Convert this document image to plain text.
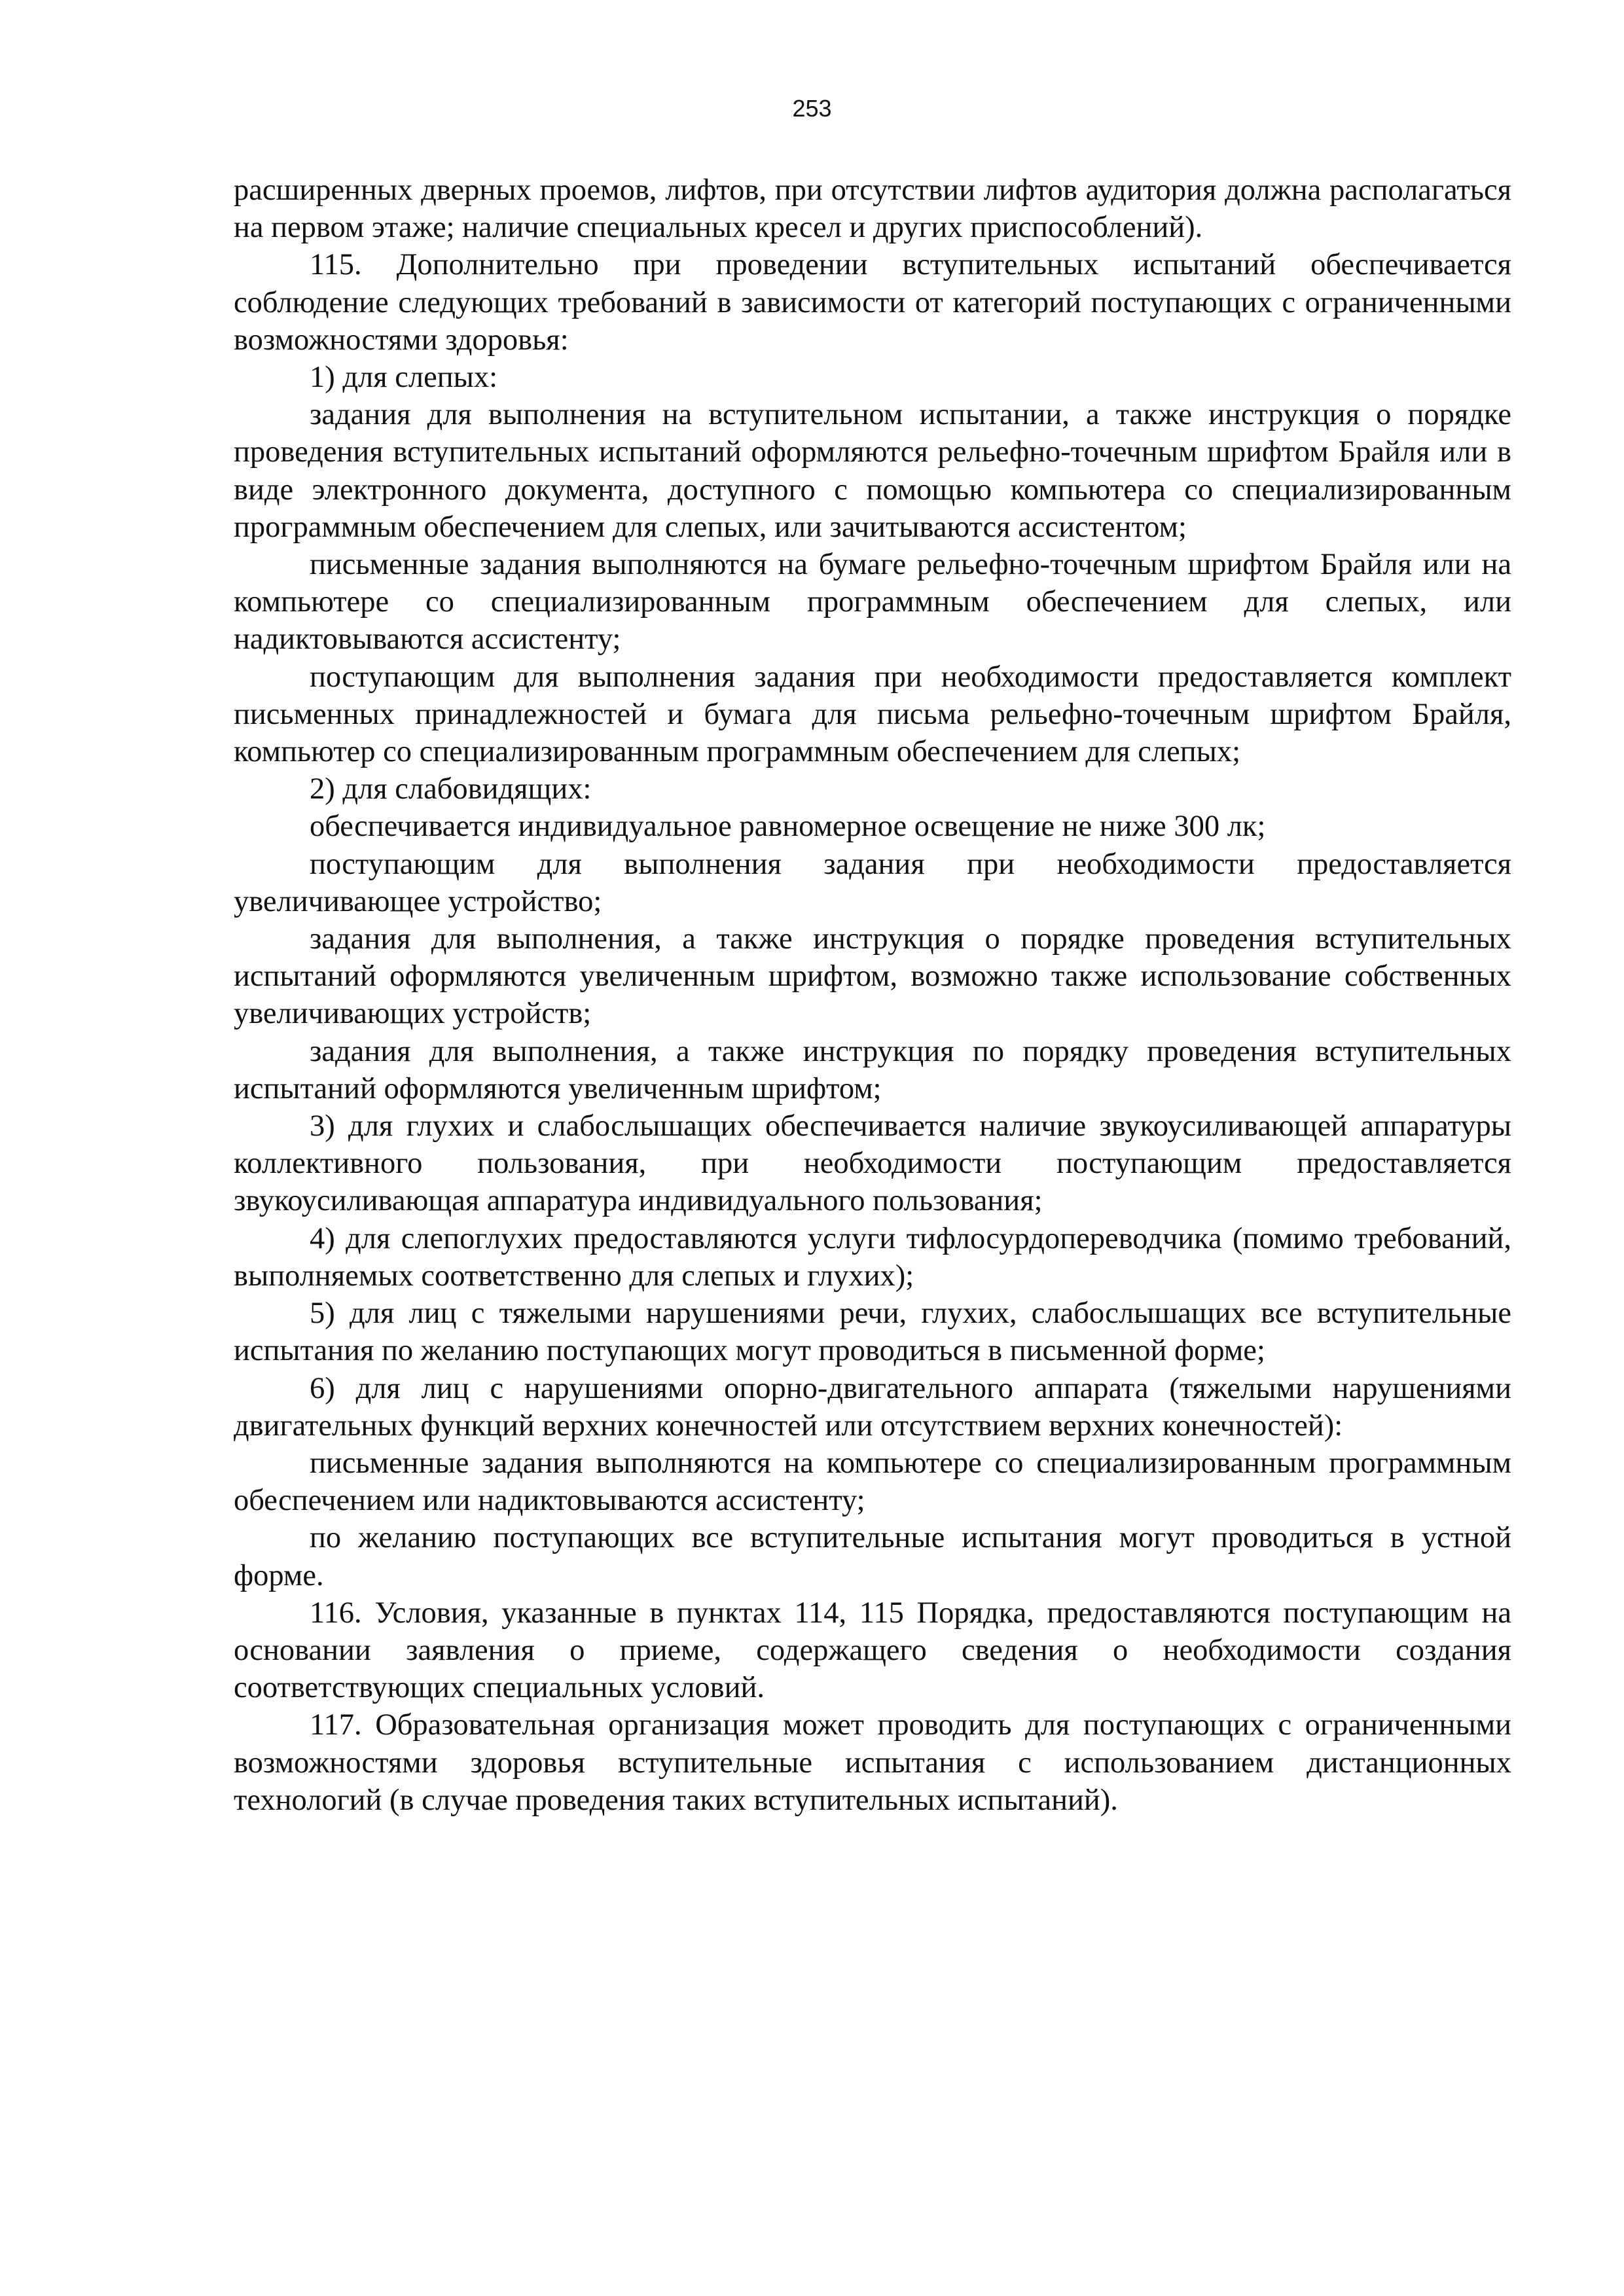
253

расширенных дверных проемов, лифтов, при отсутствии лифтов аудитория должна располагаться на первом этаже; наличие специальных кресел и других приспособлений).

115. Дополнительно при проведении вступительных испытаний обеспечивается соблюдение следующих требований в зависимости от категорий поступающих с ограниченными возможностями здоровья:

1) для слепых:

задания для выполнения на вступительном испытании, а также инструкция о порядке проведения вступительных испытаний оформляются рельефно-точечным шрифтом Брайля или в виде электронного документа, доступного с помощью компьютера со специализированным программным обеспечением для слепых, или зачитываются ассистентом;

письменные задания выполняются на бумаге рельефно-точечным шрифтом Брайля или на компьютере со специализированным программным обеспечением для слепых, или надиктовываются ассистенту;

поступающим для выполнения задания при необходимости предоставляется комплект письменных принадлежностей и бумага для письма рельефно-точечным шрифтом Брайля, компьютер со специализированным программным обеспечением для слепых;

2) для слабовидящих:

обеспечивается индивидуальное равномерное освещение не ниже 300 лк;

поступающим для выполнения задания при необходимости предоставляется увеличивающее устройство;

задания для выполнения, а также инструкция о порядке проведения вступительных испытаний оформляются увеличенным шрифтом, возможно также использование собственных увеличивающих устройств;

задания для выполнения, а также инструкция по порядку проведения вступительных испытаний оформляются увеличенным шрифтом;

3) для глухих и слабослышащих обеспечивается наличие звукоусиливающей аппаратуры коллективного пользования, при необходимости поступающим предоставляется звукоусиливающая аппаратура индивидуального пользования;

4) для слепоглухих предоставляются услуги тифлосурдопереводчика (помимо требований, выполняемых соответственно для слепых и глухих);

5) для лиц с тяжелыми нарушениями речи, глухих, слабослышащих все вступительные испытания по желанию поступающих могут проводиться в письменной форме;

6) для лиц с нарушениями опорно-двигательного аппарата (тяжелыми нарушениями двигательных функций верхних конечностей или отсутствием верхних конечностей):

письменные задания выполняются на компьютере со специализированным программным обеспечением или надиктовываются ассистенту;

по желанию поступающих все вступительные испытания могут проводиться в устной форме.

116. Условия, указанные в пунктах 114, 115 Порядка, предоставляются поступающим на основании заявления о приеме, содержащего сведения о необходимости создания соответствующих специальных условий.

117. Образовательная организация может проводить для поступающих с ограниченными возможностями здоровья вступительные испытания с использованием дистанционных технологий (в случае проведения таких вступительных испытаний).
